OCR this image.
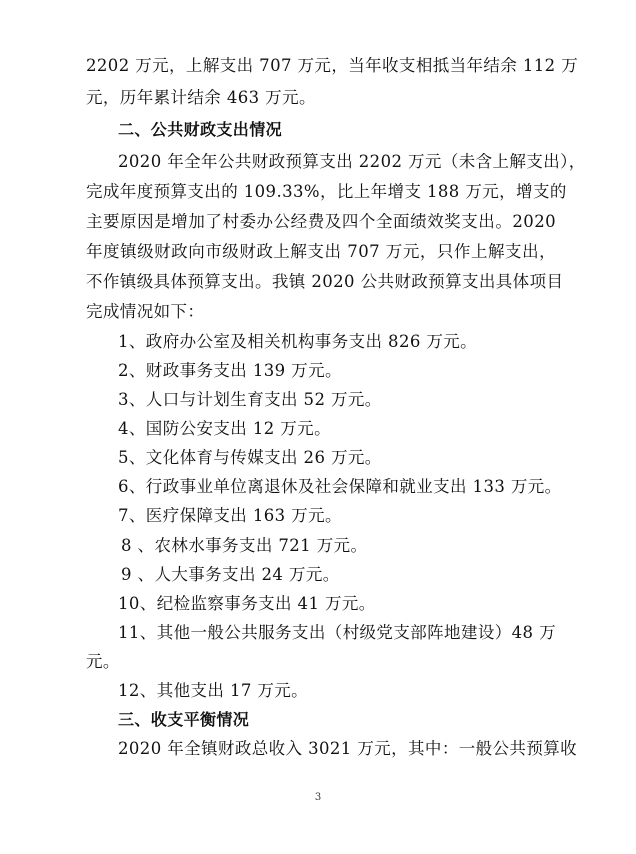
2202 万元，上解支出 707 万元，当年收支相抵当年结余 112 万
元，历年累计结余 463 万元。
二、公共财政支出情况
2020 年全年公共财政预算支出 2202 万元（未含上解支出），
完成年度预算支出的 109.33%，比上年增支 188 万元，增支的
主要原因是增加了村委办公经费及四个全面绩效奖支出。2020
年度镇级财政向市级财政上解支出 707 万元，只作上解支出，
不作镇级具体预算支出。我镇 2020 公共财政预算支出具体项目
完成情况如下：
1、政府办公室及相关机构事务支出 826 万元。
2、财政事务支出 139 万元。
3、人口与计划生育支出 52 万元。
4、国防公安支出 12 万元。
5、文化体育与传媒支出 26 万元。
6、行政事业单位离退休及社会保障和就业支出 133 万元。
7、医疗保障支出 163 万元。
8 、农林水事务支出 721 万元。
9 、人大事务支出 24 万元。
10、纪检监察事务支出 41 万元。
11、其他一般公共服务支出（村级党支部阵地建设）48 万
元。
12、其他支出 17 万元。
三、收支平衡情况
2020 年全镇财政总收入 3021 万元，其中：一般公共预算收
3
